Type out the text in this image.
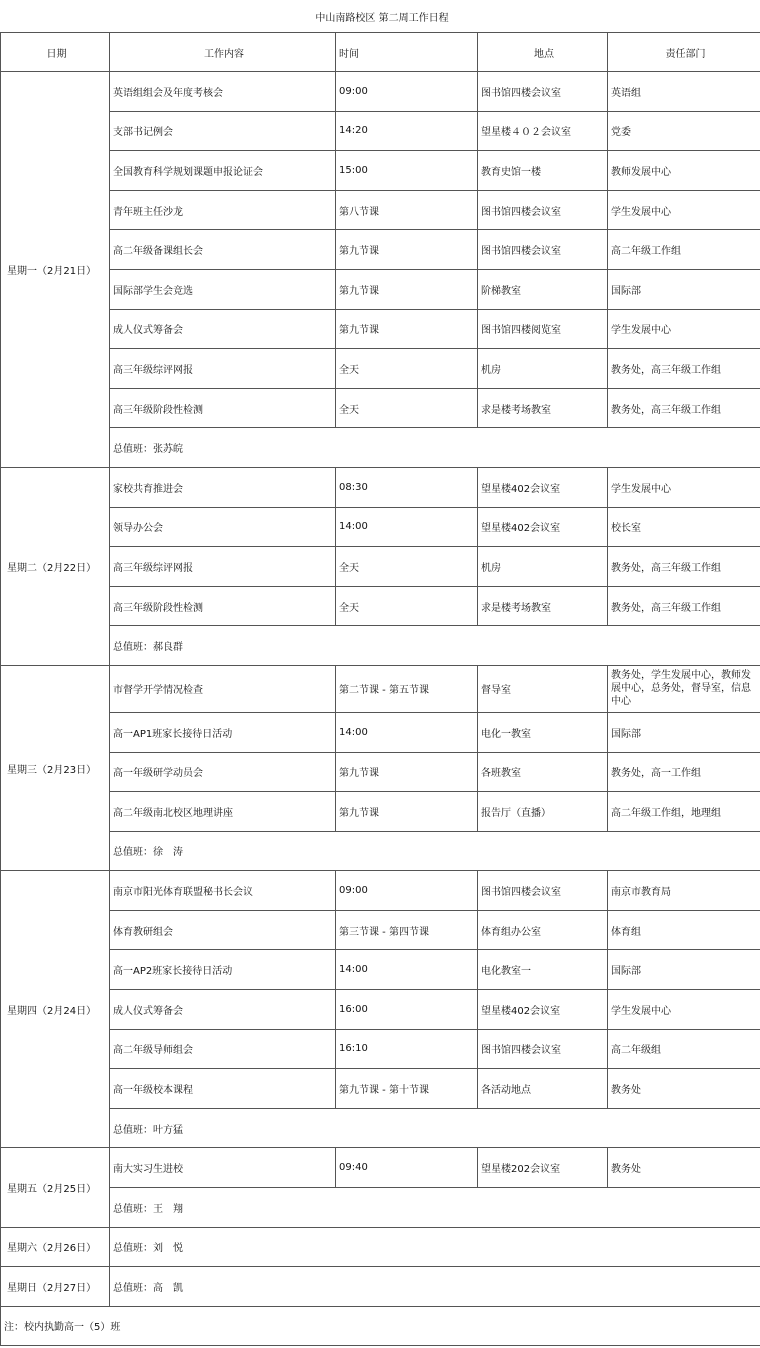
中山南路校区 第二周工作日程				
日期	工作内容	时间	地点	责任部门
星期一（2月21日）	英语组组会及年度考核会	09:00	图书馆四楼会议室	英语组
	支部书记例会	14:20	望星楼４０２会议室	党委
	全国教育科学规划课题申报论证会	15:00	教育史馆一楼	教师发展中心
	青年班主任沙龙	第八节课	图书馆四楼会议室	学生发展中心
	高二年级备课组长会	第九节课	图书馆四楼会议室	高二年级工作组
	国际部学生会竞选	第九节课	阶梯教室	国际部
	成人仪式筹备会	第九节课	图书馆四楼阅览室	学生发展中心
	高三年级综评网报	全天	机房	教务处，高三年级工作组
	高三年级阶段性检测	全天	求是楼考场教室	教务处，高三年级工作组
	总值班：张苏皖			
星期二（2月22日）	家校共育推进会	08:30	望星楼402会议室	学生发展中心
	领导办公会	14:00	望星楼402会议室	校长室
	高三年级综评网报	全天	机房	教务处，高三年级工作组
	高三年级阶段性检测	全天	求是楼考场教室	教务处，高三年级工作组
	总值班：郝良群			
星期三（2月23日）	市督学开学情况检查	第二节课 - 第五节课	督导室	教务处，学生发展中心，教师发展中心，总务处，督导室，信息中心
	高一AP1班家长接待日活动	14:00	电化一教室	国际部
	高一年级研学动员会	第九节课	各班教室	教务处，高一工作组
	高二年级南北校区地理讲座	第九节课	报告厅（直播）	高二年级工作组，地理组
	总值班：徐　涛			
星期四（2月24日）	南京市阳光体育联盟秘书长会议	09:00	图书馆四楼会议室	南京市教育局
	体育教研组会	第三节课 - 第四节课	体育组办公室	体育组
	高一AP2班家长接待日活动	14:00	电化教室一	国际部
	成人仪式筹备会	16:00	望星楼402会议室	学生发展中心
	高二年级导师组会	16:10	图书馆四楼会议室	高二年级组
	高一年级校本课程	第九节课 - 第十节课	各活动地点	教务处
	总值班：叶方猛			
星期五（2月25日）	南大实习生进校	09:40	望星楼202会议室	教务处
	总值班：王　翔			
星期六（2月26日）	总值班：刘　悦			
星期日（2月27日）	总值班：高　凯			
注：校内执勤高一（5）班				
